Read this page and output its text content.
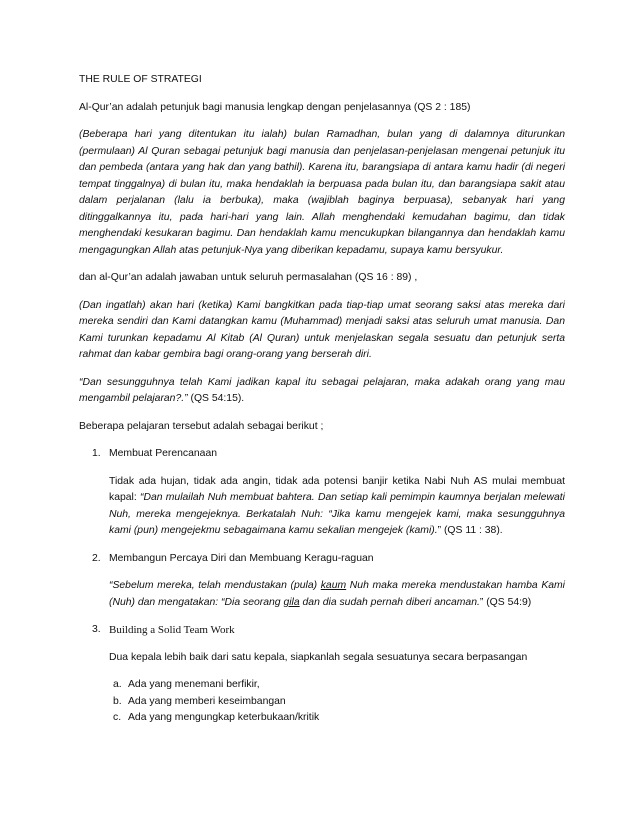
THE RULE OF STRATEGI

Al-Qur’an adalah petunjuk bagi manusia lengkap dengan penjelasannya (QS 2 : 185)

(Beberapa hari yang ditentukan itu ialah) bulan Ramadhan, bulan yang di dalamnya diturunkan (permulaan) Al Quran sebagai petunjuk bagi manusia dan penjelasan-penjelasan mengenai petunjuk itu dan pembeda (antara yang hak dan yang bathil). Karena itu, barangsiapa di antara kamu hadir (di negeri tempat tinggalnya) di bulan itu, maka hendaklah ia berpuasa pada bulan itu, dan barangsiapa sakit atau dalam perjalanan (lalu ia berbuka), maka (wajiblah baginya berpuasa), sebanyak hari yang ditinggalkannya itu, pada hari-hari yang lain. Allah menghendaki kemudahan bagimu, dan tidak menghendaki kesukaran bagimu. Dan hendaklah kamu mencukupkan bilangannya dan hendaklah kamu mengagungkan Allah atas petunjuk-Nya yang diberikan kepadamu, supaya kamu bersyukur.

dan al-Qur’an adalah jawaban untuk seluruh permasalahan (QS 16 : 89) ,

(Dan ingatlah) akan hari (ketika) Kami bangkitkan pada tiap-tiap umat seorang saksi atas mereka dari mereka sendiri dan Kami datangkan kamu (Muhammad) menjadi saksi atas seluruh umat manusia. Dan Kami turunkan kepadamu Al Kitab (Al Quran) untuk menjelaskan segala sesuatu dan petunjuk serta rahmat dan kabar gembira bagi orang-orang yang berserah diri.

“Dan sesungguhnya telah Kami jadikan kapal itu sebagai pelajaran, maka adakah orang yang mau mengambil pelajaran?.” (QS 54:15).

Beberapa pelajaran tersebut adalah sebagai berikut ;

1. Membuat Perencanaan

Tidak ada hujan, tidak ada angin, tidak ada potensi banjir ketika Nabi Nuh AS mulai membuat kapal: “Dan mulailah Nuh membuat bahtera. Dan setiap kali pemimpin kaumnya berjalan melewati Nuh, mereka mengejeknya. Berkatalah Nuh: “Jika kamu mengejek kami, maka sesungguhnya kami (pun) mengejekmu sebagaimana kamu sekalian mengejek (kami).” (QS 11 : 38).

2. Membangun Percaya Diri dan Membuang Keragu-raguan

“Sebelum mereka, telah mendustakan (pula) kaum Nuh maka mereka mendustakan hamba Kami (Nuh) dan mengatakan: “Dia seorang gila dan dia sudah pernah diberi ancaman.” (QS 54:9)

3. Building a Solid Team Work

Dua kepala lebih baik dari satu kepala, siapkanlah segala sesuatunya secara berpasangan

a. Ada yang menemani berfikir,
b. Ada yang memberi keseimbangan
c. Ada yang mengungkap keterbukaan/kritik
